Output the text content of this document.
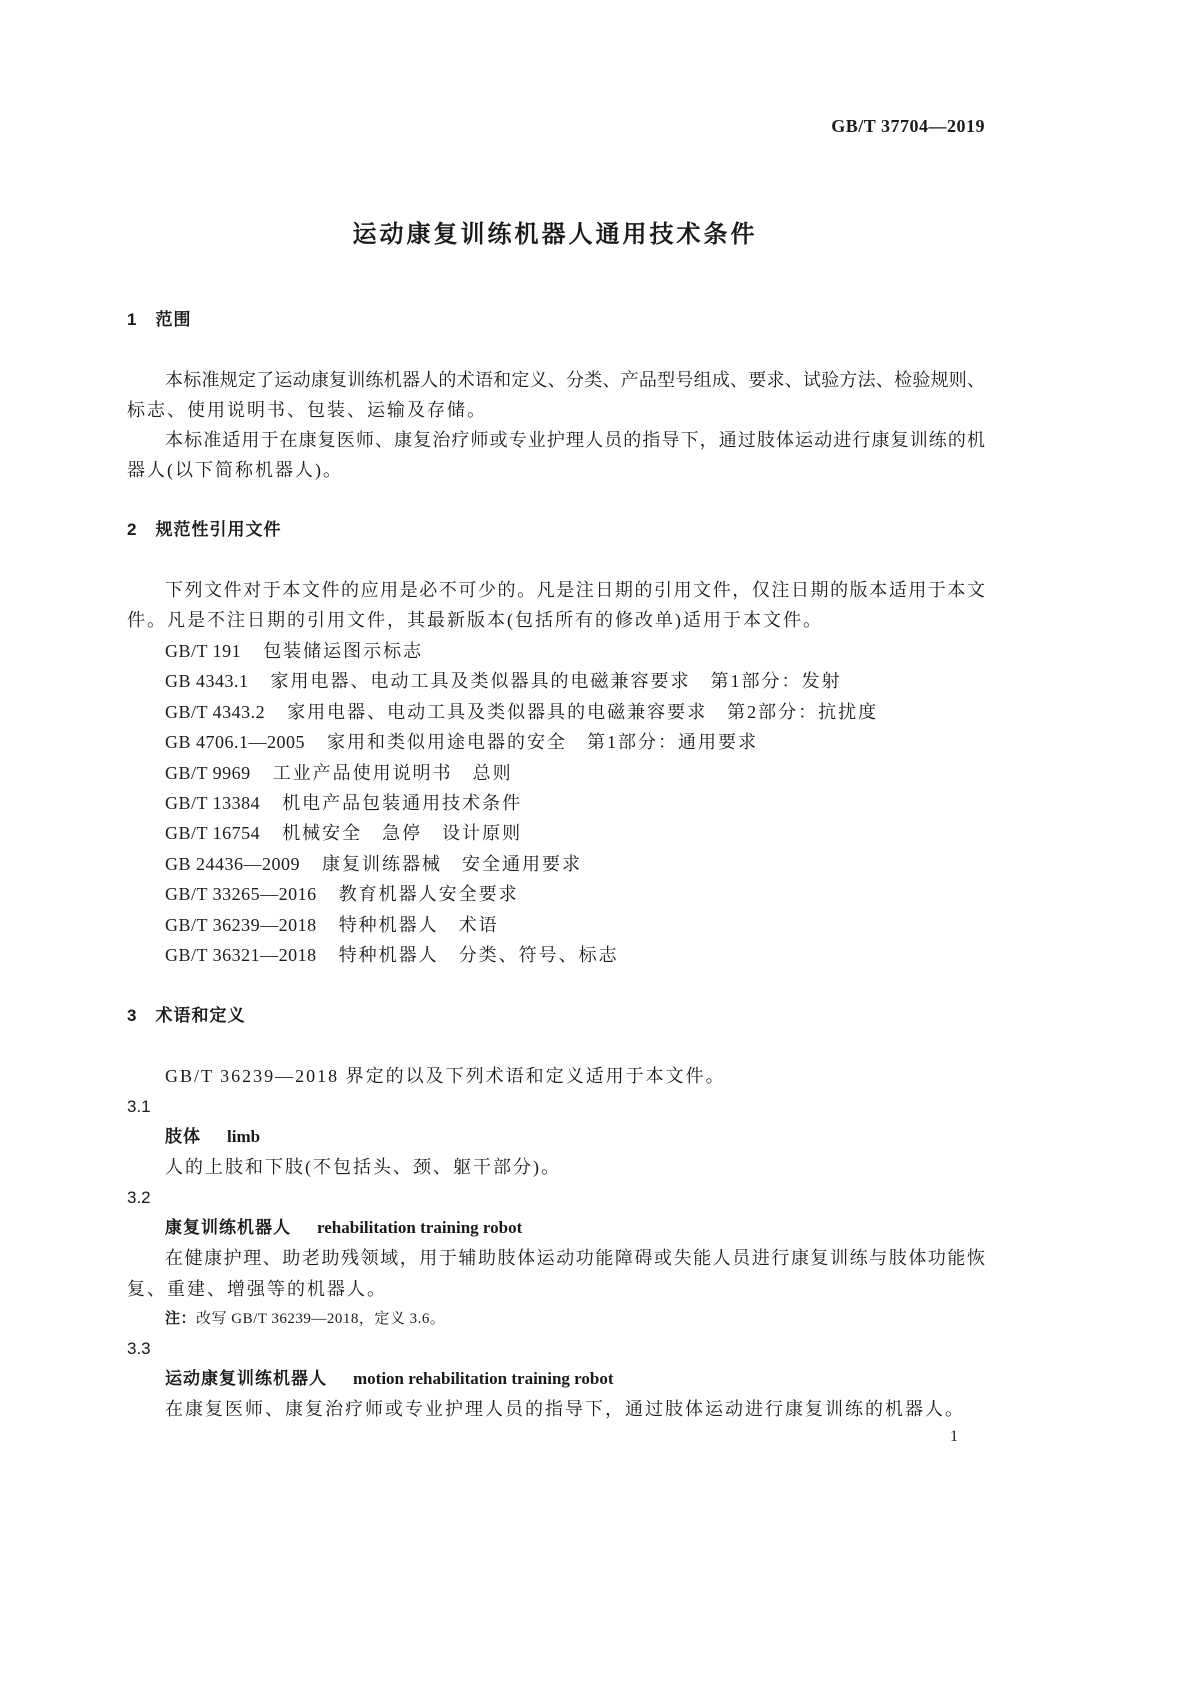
GB/T 37704—2019
运动康复训练机器人通用技术条件
1　范围
本标准规定了运动康复训练机器人的术语和定义、分类、产品型号组成、要求、试验方法、检验规则、
标志、使用说明书、包装、运输及存储。
本标准适用于在康复医师、康复治疗师或专业护理人员的指导下，通过肢体运动进行康复训练的机
器人(以下简称机器人)。
2　规范性引用文件
下列文件对于本文件的应用是必不可少的。凡是注日期的引用文件，仅注日期的版本适用于本文
件。凡是不注日期的引用文件，其最新版本(包括所有的修改单)适用于本文件。
GB/T 191 包装储运图示标志
GB 4343.1 家用电器、电动工具及类似器具的电磁兼容要求　第1部分：发射
GB/T 4343.2 家用电器、电动工具及类似器具的电磁兼容要求　第2部分：抗扰度
GB 4706.1—2005 家用和类似用途电器的安全　第1部分：通用要求
GB/T 9969 工业产品使用说明书　总则
GB/T 13384 机电产品包装通用技术条件
GB/T 16754 机械安全　急停　设计原则
GB 24436—2009 康复训练器械　安全通用要求
GB/T 33265—2016 教育机器人安全要求
GB/T 36239—2018 特种机器人　术语
GB/T 36321—2018 特种机器人　分类、符号、标志
3　术语和定义
GB/T 36239—2018 界定的以及下列术语和定义适用于本文件。
3.1
肢体 limb
人的上肢和下肢(不包括头、颈、躯干部分)。
3.2
康复训练机器人 rehabilitation training robot
在健康护理、助老助残领域，用于辅助肢体运动功能障碍或失能人员进行康复训练与肢体功能恢
复、重建、增强等的机器人。
注：改写 GB/T 36239—2018，定义 3.6。
3.3
运动康复训练机器人 motion rehabilitation training robot
在康复医师、康复治疗师或专业护理人员的指导下，通过肢体运动进行康复训练的机器人。
1
